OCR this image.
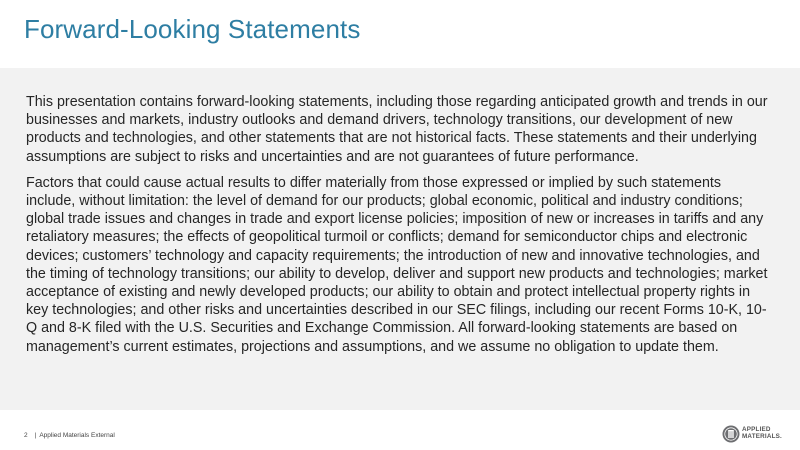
Forward-Looking Statements

This presentation contains forward-looking statements, including those regarding anticipated growth and trends in our businesses and markets, industry outlooks and demand drivers, technology transitions, our development of new products and technologies, and other statements that are not historical facts. These statements and their underlying assumptions are subject to risks and uncertainties and are not guarantees of future performance.

Factors that could cause actual results to differ materially from those expressed or implied by such statements include, without limitation: the level of demand for our products; global economic, political and industry conditions; global trade issues and changes in trade and export license policies; imposition of new or increases in tariffs and any retaliatory measures; the effects of geopolitical turmoil or conflicts; demand for semiconductor chips and electronic devices; customers’ technology and capacity requirements; the introduction of new and innovative technologies, and the timing of technology transitions; our ability to develop, deliver and support new products and technologies; market acceptance of existing and newly developed products; our ability to obtain and protect intellectual property rights in key technologies; and other risks and uncertainties described in our SEC filings, including our recent Forms 10-K, 10-Q and 8-K filed with the U.S. Securities and Exchange Commission. All forward-looking statements are based on management’s current estimates, projections and assumptions, and we assume no obligation to update them.

2 | Applied Materials External
APPLIED
MATERIALS.
